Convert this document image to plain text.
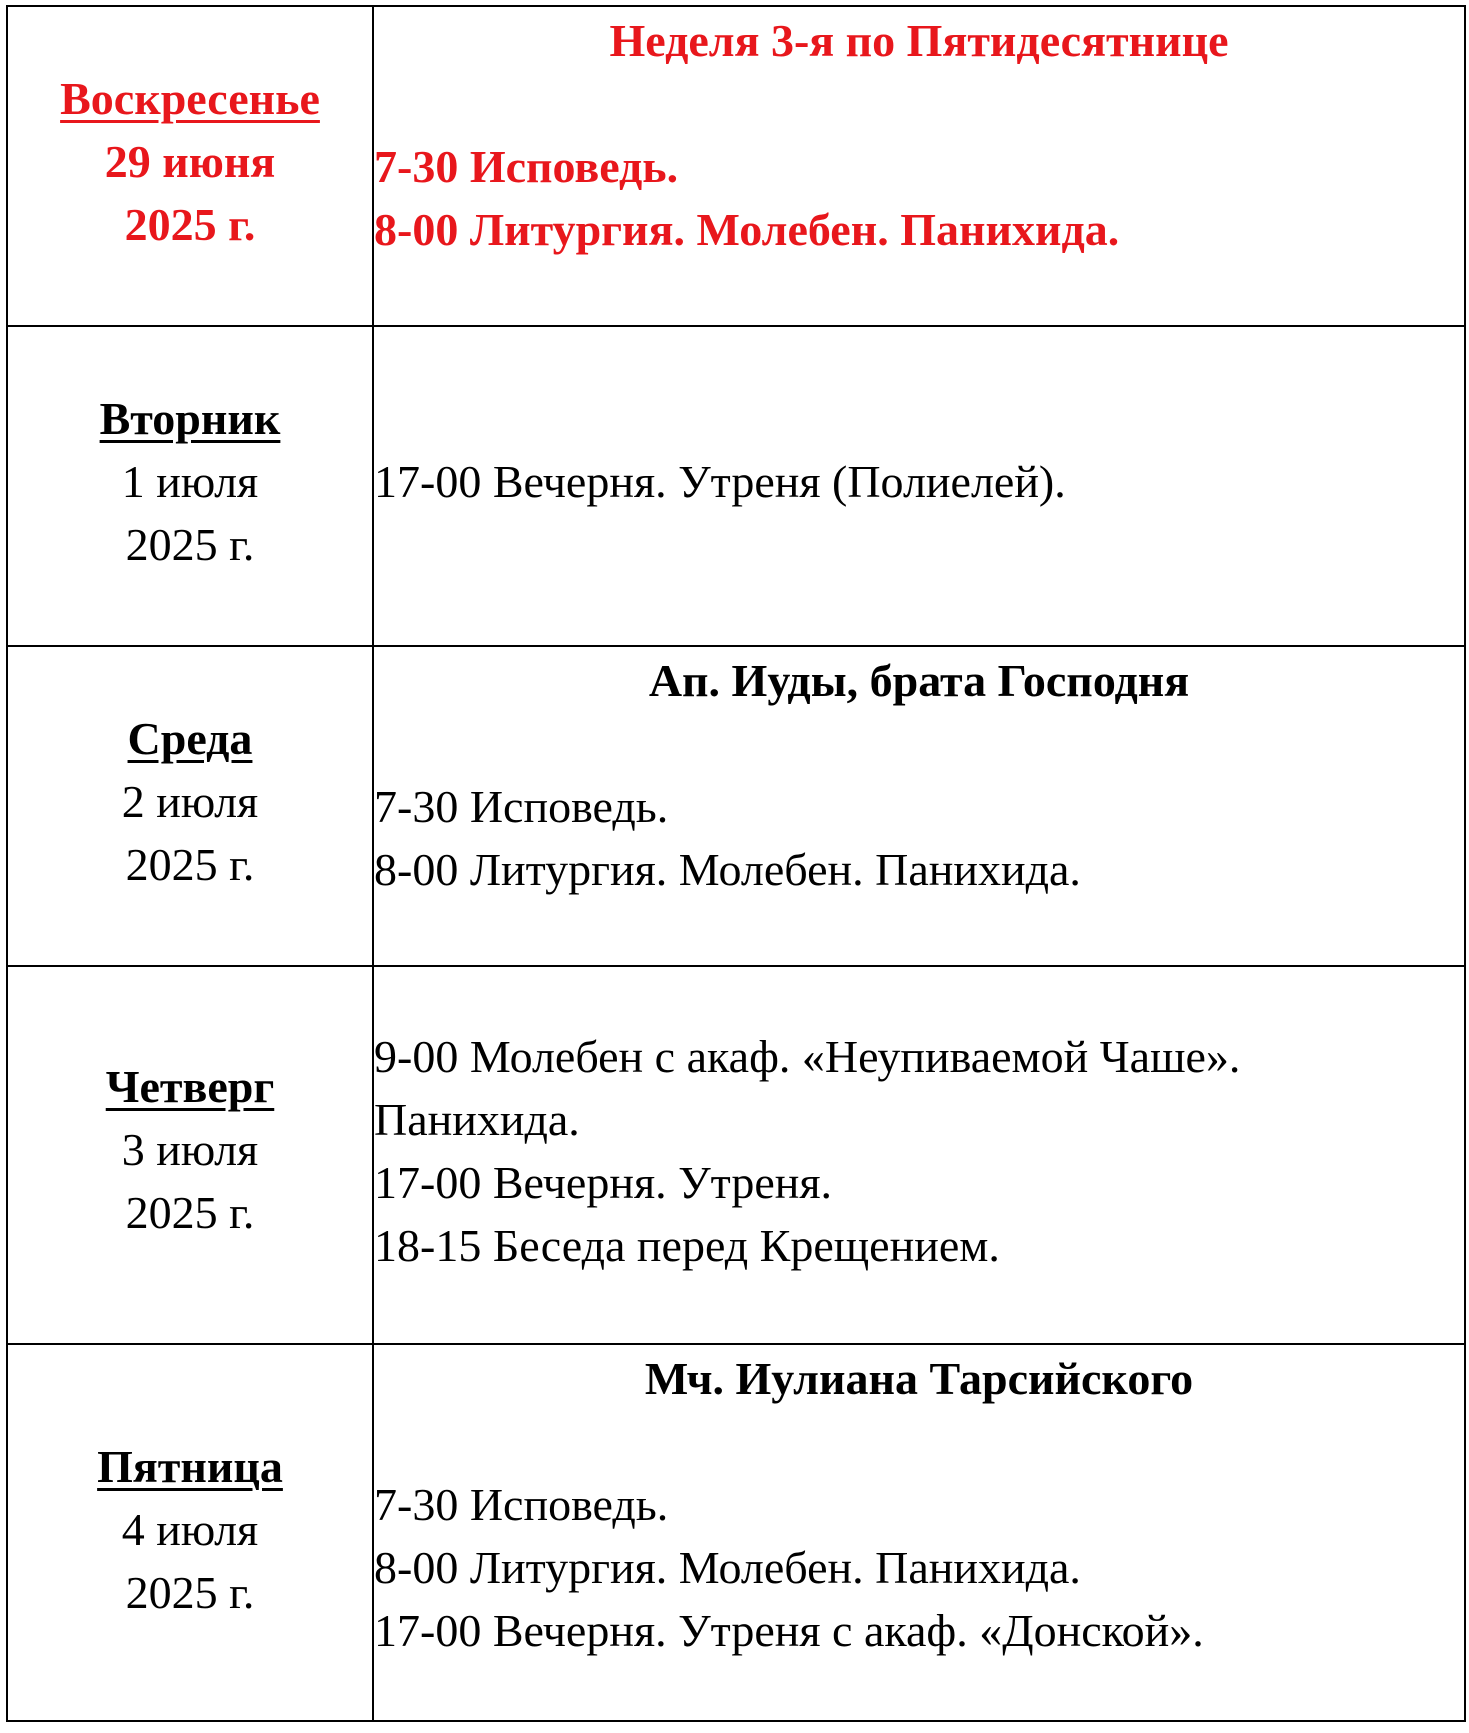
Воскресенье
29 июня
2025 г.	Неделя 3-я по Пятидесятнице
7-30 Исповедь.
8-00 Литургия. Молебен. Панихида.

Вторник
1 июля
2025 г.	17-00 Вечерня. Утреня (Полиелей).

Среда
2 июля
2025 г.	Ап. Иуды, брата Господня
7-30 Исповедь.
8-00 Литургия. Молебен. Панихида.

Четверг
3 июля
2025 г.	9-00 Молебен с акаф. «Неупиваемой Чаше».
Панихида.
17-00 Вечерня. Утреня.
18-15 Беседа перед Крещением.

Пятница
4 июля
2025 г.	Мч. Иулиана Тарсийского
7-30 Исповедь.
8-00 Литургия. Молебен. Панихида.
17-00 Вечерня. Утреня с акаф. «Донской».
